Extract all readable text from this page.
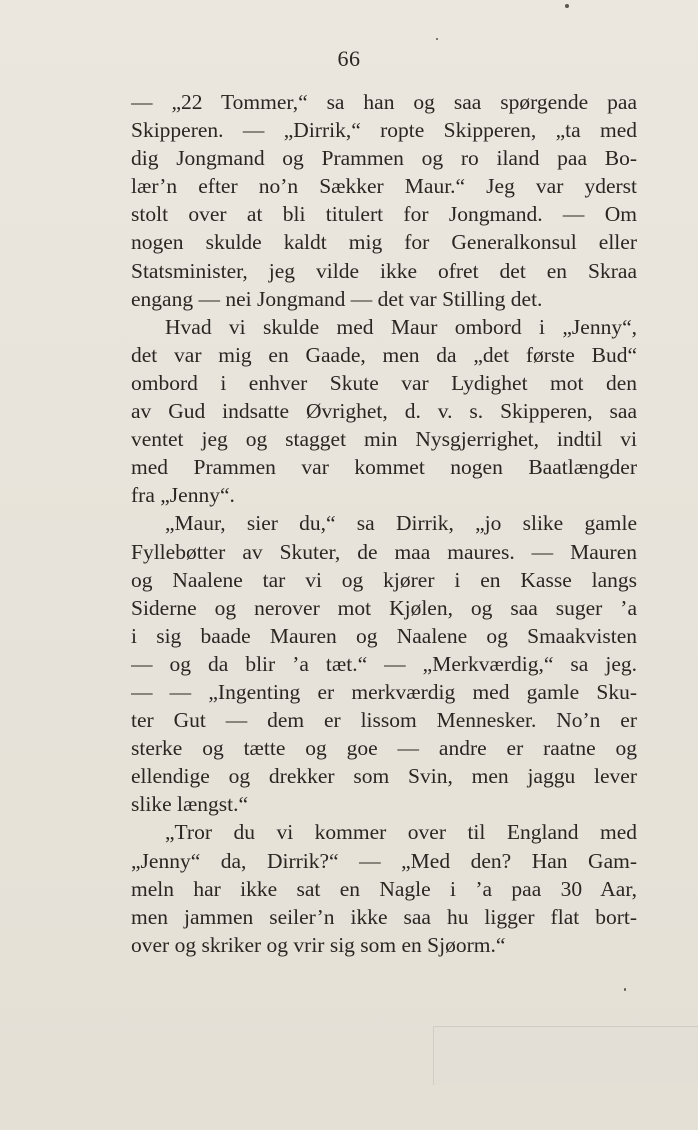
66
— „22 Tommer,“ sa han og saa spørgende paa
Skipperen. — „Dirrik,“ ropte Skipperen, „ta med
dig Jongmand og Prammen og ro iland paa Bo-
lær’n efter no’n Sækker Maur.“ Jeg var yderst
stolt over at bli titulert for Jongmand. — Om
nogen skulde kaldt mig for Generalkonsul eller
Statsminister, jeg vilde ikke ofret det en Skraa
engang — nei Jongmand — det var Stilling det.
Hvad vi skulde med Maur ombord i „Jenny“,
det var mig en Gaade, men da „det første Bud“
ombord i enhver Skute var Lydighet mot den
av Gud indsatte Øvrighet, d. v. s. Skipperen, saa
ventet jeg og stagget min Nysgjerrighet, indtil vi
med Prammen var kommet nogen Baatlængder
fra „Jenny“.
„Maur, sier du,“ sa Dirrik, „jo slike gamle
Fyllebøtter av Skuter, de maa maures. — Mauren
og Naalene tar vi og kjører i en Kasse langs
Siderne og nerover mot Kjølen, og saa suger ’a
i sig baade Mauren og Naalene og Smaakvisten
— og da blir ’a tæt.“ — „Merkværdig,“ sa jeg.
— — „Ingenting er merkværdig med gamle Sku-
ter Gut — dem er lissom Mennesker. No’n er
sterke og tætte og goe — andre er raatne og
ellendige og drekker som Svin, men jaggu lever
slike længst.“
„Tror du vi kommer over til England med
„Jenny“ da, Dirrik?“ — „Med den? Han Gam-
meln har ikke sat en Nagle i ’a paa 30 Aar,
men jammen seiler’n ikke saa hu ligger flat bort-
over og skriker og vrir sig som en Sjøorm.“
